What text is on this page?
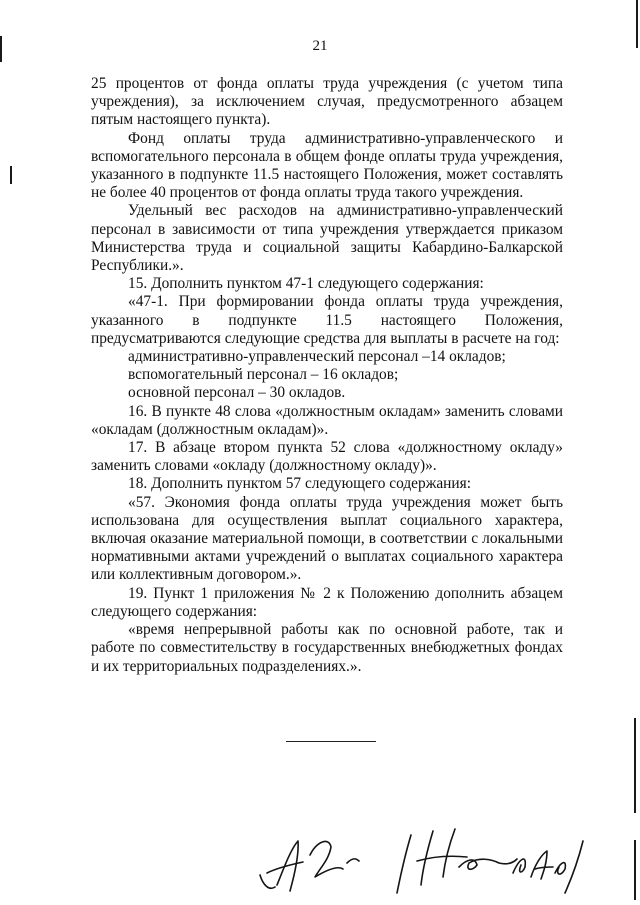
21

25 процентов от фонда оплаты труда учреждения (с учетом типа учреждения), за исключением случая, предусмотренного абзацем пятым настоящего пункта).

Фонд оплаты труда административно-управленческого и вспомогательного персонала в общем фонде оплаты труда учреждения, указанного в подпункте 11.5 настоящего Положения, может составлять не более 40 процентов от фонда оплаты труда такого учреждения.

Удельный вес расходов на административно-управленческий персонал в зависимости от типа учреждения утверждается приказом Министерства труда и социальной защиты Кабардино-Балкарской Республики.».

15. Дополнить пунктом 47-1 следующего содержания:

«47-1. При формировании фонда оплаты труда учреждения, указанного в подпункте 11.5 настоящего Положения, предусматриваются следующие средства для выплаты в расчете на год:

административно-управленческий персонал –14 окладов;

вспомогательный персонал – 16 окладов;

основной персонал – 30 окладов.

16. В пункте 48 слова «должностным окладам» заменить словами «окладам (должностным окладам)».

17. В абзаце втором пункта 52 слова «должностному окладу» заменить словами «окладу (должностному окладу)».

18. Дополнить пунктом 57 следующего содержания:

«57. Экономия фонда оплаты труда учреждения может быть использована для осуществления выплат социального характера, включая оказание материальной помощи, в соответствии с локальными нормативными актами учреждений о выплатах социального характера или коллективным договором.».

19. Пункт 1 приложения № 2 к Положению дополнить абзацем следующего содержания:

«время непрерывной работы как по основной работе, так и работе по совместительству в государственных внебюджетных фондах и их территориальных подразделениях.».
